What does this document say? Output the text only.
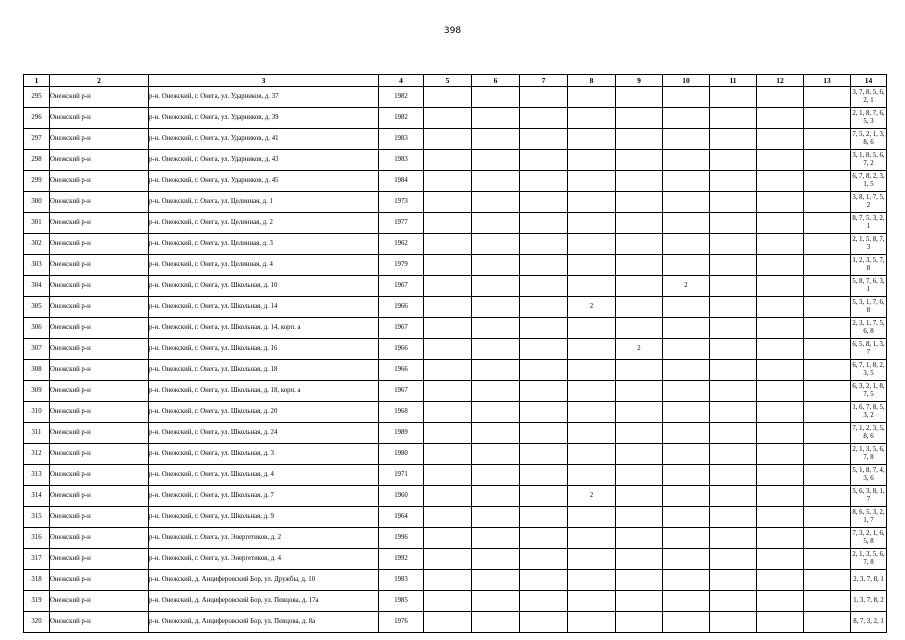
398
1	2	3	4	5	6	7	8	9	10	11	12	13	14
295	Онежский р-н	р-н. Онежский, г. Онега, ул. Ударников, д. 37	1982										3, 7, 8, 5, 6, 2, 1
296	Онежский р-н	р-н. Онежский, г. Онега, ул. Ударников, д. 39	1982										2, 1, 8, 7, 6, 5, 3
297	Онежский р-н	р-н. Онежский, г. Онега, ул. Ударников, д. 41	1983										7, 5, 2, 1, 3, 8, 6
298	Онежский р-н	р-н. Онежский, г. Онега, ул. Ударников, д. 43	1983										3, 1, 8, 5, 6, 7, 2
299	Онежский р-н	р-н. Онежский, г. Онега, ул. Ударников, д. 45	1984										6, 7, 8, 2, 3, 1, 5
300	Онежский р-н	р-н. Онежский, г. Онега, ул. Целинная, д. 1	1973										3, 8, 1, 7, 5, 2
301	Онежский р-н	р-н. Онежский, г. Онега, ул. Целинная, д. 2	1977										8, 7, 5, 3, 2, 1
302	Онежский р-н	р-н. Онежский, г. Онега, ул. Целинная, д. 3	1962										2, 1, 5, 8, 7, 3
303	Онежский р-н	р-н. Онежский, г. Онега, ул. Целинная, д. 4	1979										1, 2, 3, 5, 7, 8
304	Онежский р-н	р-н. Онежский, г. Онега, ул. Школьная, д. 10	1967						2				5, 8, 7, 6, 3, 1
305	Онежский р-н	р-н. Онежский, г. Онега, ул. Школьная, д. 14	1966				2						5, 3, 1, 7, 6, 8
306	Онежский р-н	р-н. Онежский, г. Онега, ул. Школьная, д. 14, корп. а	1967										2, 3, 1, 7, 5, 6, 8
307	Онежский р-н	р-н. Онежский, г. Онега, ул. Школьная, д. 16	1966					2					6, 5, 8, 1, 3, 7
308	Онежский р-н	р-н. Онежский, г. Онега, ул. Школьная, д. 18	1966										6, 7, 1, 8, 2, 3, 5
309	Онежский р-н	р-н. Онежский, г. Онега, ул. Школьная, д. 18, корп. а	1967										6, 3, 2, 1, 8, 7, 5
310	Онежский р-н	р-н. Онежский, г. Онега, ул. Школьная, д. 20	1968										1, 6, 7, 8, 5, 3, 2
311	Онежский р-н	р-н. Онежский, г. Онега, ул. Школьная, д. 24	1989										7, 1, 2, 3, 5, 8, 6
312	Онежский р-н	р-н. Онежский, г. Онега, ул. Школьная, д. 3	1980										2, 1, 3, 5, 6, 7, 8
313	Онежский р-н	р-н. Онежский, г. Онега, ул. Школьная, д. 4	1971										5, 1, 8, 7, 4, 3, 6
314	Онежский р-н	р-н. Онежский, г. Онега, ул. Школьная, д. 7	1960				2						5, 6, 3, 8, 1, 7
315	Онежский р-н	р-н. Онежский, г. Онега, ул. Школьная, д. 9	1964										8, 6, 5, 3, 2, 1, 7
316	Онежский р-н	р-н. Онежский, г. Онега, ул. Энергетиков, д. 2	1996										7, 3, 2, 1, 6, 5, 8
317	Онежский р-н	р-н. Онежский, г. Онега, ул. Энергетиков, д. 4	1992										2, 1, 3, 5, 6, 7, 8
318	Онежский р-н	р-н. Онежский, д. Анциферовский Бор, ул. Дружбы, д. 10	1983										2, 3, 7, 8, 1
319	Онежский р-н	р-н. Онежский, д. Анциферовский Бор, ул. Певцова, д. 17а	1985										1, 3, 7, 8, 2
320	Онежский р-н	р-н. Онежский, д. Анциферовский Бор, ул. Певцова, д. 8а	1976										8, 7, 3, 2, 1
